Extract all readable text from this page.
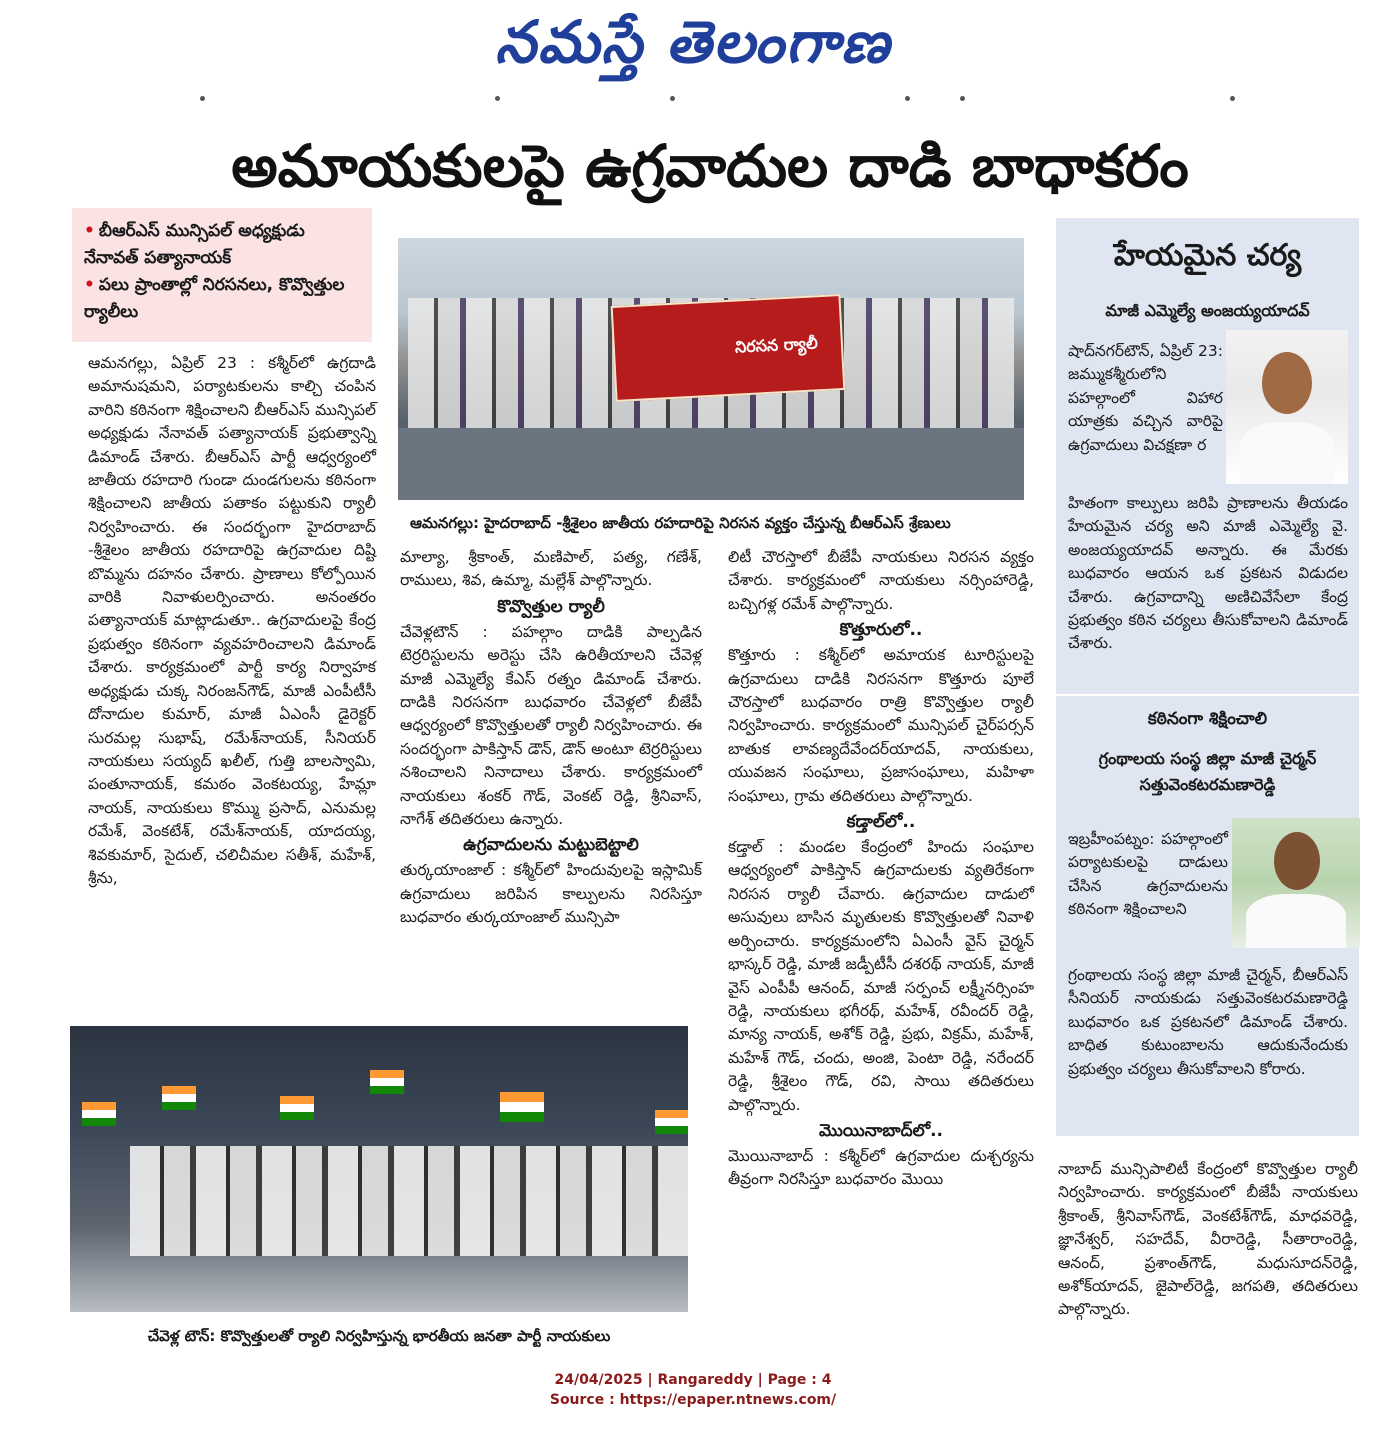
నమస్తే తెలంగాణ
అమాయకులపై ఉగ్రవాదుల దాడి బాధాకరం
• బీఆర్ఎస్ మున్సిపల్ అధ్యక్షుడు నేనావత్ పత్యానాయక్
• పలు ప్రాంతాల్లో నిరసనలు, కొవ్వొత్తుల ర్యాలీలు
నిరసన ర్యాలీ
ఆమనగల్లు: హైదరాబాద్ -శ్రీశైలం జాతీయ రహదారిపై నిరసన వ్యక్తం చేస్తున్న బీఆర్ఎస్ శ్రేణులు
ఆమనగల్లు, ఏప్రిల్ 23 : కశ్మీర్‌లో ఉగ్రదాడి అమానుషమని, పర్యాటకులను కాల్చి చంపిన వారిని కఠినంగా శిక్షించాలని బీఆర్ఎస్ మున్సిపల్ అధ్యక్షుడు నేనావత్ పత్యానాయక్ ప్రభుత్వాన్ని డిమాండ్ చేశారు. బీఆర్ఎస్ పార్టీ ఆధ్వర్యంలో జాతీయ రహదారి గుండా దుండగులను కఠినంగా శిక్షించాలని జాతీయ పతాకం పట్టుకుని ర్యాలీ నిర్వహించారు. ఈ సందర్భంగా హైదరాబాద్ -శ్రీశైలం జాతీయ రహదారిపై ఉగ్రవాదుల దిష్టి బొమ్మను దహనం చేశారు. ప్రాణాలు కోల్పోయిన వారికి నివాళులర్పించారు. అనంతరం పత్యానాయక్ మాట్లాడుతూ.. ఉగ్రవాదులపై కేంద్ర ప్రభుత్వం కఠినంగా వ్యవహరించాలని డిమాండ్ చేశారు. కార్యక్రమంలో పార్టీ కార్య నిర్వాహక అధ్యక్షుడు చుక్క నిరంజన్‌గౌడ్, మాజీ ఎంపీటీసీ దోనాదుల కుమార్, మాజీ ఏఎంసీ డైరెక్టర్ సురమల్ల సుభాష్, రమేశ్‌నాయక్, సీనియర్ నాయకులు సయ్యద్ ఖలీల్, గుత్తి బాలస్వామి, పంతూనాయక్, కమఠం వెంకటయ్య, హేమ్లా నాయక్, నాయకులు కొమ్ము ప్రసాద్, ఎనుమల్ల రమేశ్, వెంకటేశ్, రమేశ్‌నాయక్, యాదయ్య, శివకుమార్, సైదుల్, చలిచీమల సతీశ్, మహేశ్, శ్రీను,
మాల్యా, శ్రీకాంత్, మణిపాల్, పత్య, గణేశ్, రాములు, శివ, ఉమ్మా, మల్లేశ్ పాల్గొన్నారు.
కొవ్వొత్తుల ర్యాలీ
చేవెళ్లటౌన్ : పహల్గాం దాడికి పాల్పడిన టెర్రరిస్టులను అరెస్టు చేసి ఉరితీయాలని చేవెళ్ల మాజీ ఎమ్మెల్యే కేఎస్ రత్నం డిమాండ్ చేశారు. దాడికి నిరసనగా బుధవారం చేవెళ్లలో బీజేపీ ఆధ్వర్యంలో కొవ్వొత్తులతో ర్యాలీ నిర్వహించారు. ఈ సందర్భంగా పాకిస్తాన్ డౌన్, డౌన్ అంటూ టెర్రరిస్టులు నశించాలని నినాదాలు చేశారు. కార్యక్రమంలో నాయకులు శంకర్ గౌడ్, వెంకట్ రెడ్డి, శ్రీనివాస్, నాగేశ్ తదితరులు ఉన్నారు.
ఉగ్రవాదులను మట్టుబెట్టాలి
తుర్కయాంజాల్ : కశ్మీర్‌లో హిందువులపై ఇస్లామిక్ ఉగ్రవాదులు జరిపిన కాల్పులను నిరసిస్తూ బుధవారం తుర్కయాంజాల్ మున్సిపా
లిటీ చౌరస్తాలో బీజేపీ నాయకులు నిరసన వ్యక్తం చేశారు. కార్యక్రమంలో నాయకులు నర్సింహారెడ్డి, బచ్చిగళ్ల రమేశ్ పాల్గొన్నారు.
కొత్తూరులో..
కొత్తూరు : కశ్మీర్‌లో అమాయక టూరిస్టులపై ఉగ్రవాదులు దాడికి నిరసనగా కొత్తూరు పూలే చౌరస్తాలో బుధవారం రాత్రి కొవ్వొత్తుల ర్యాలీ నిర్వహించారు. కార్యక్రమంలో మున్సిపల్ చైర్‌పర్సన్ బాతుక లావణ్యదేవేందర్‌యాదవ్, నాయకులు, యువజన సంఘాలు, ప్రజాసంఘాలు, మహిళా సంఘాలు, గ్రామ తదితరులు పాల్గొన్నారు.
కడ్తాల్‌లో..
కడ్తాల్ : మండల కేంద్రంలో హిందు సంఘాల ఆధ్వర్యంలో పాకిస్తాన్ ఉగ్రవాదులకు వ్యతిరేకంగా నిరసన ర్యాలీ చేవారు. ఉగ్రవాదుల దాడులో అసువులు బాసిన మృతులకు కొవ్వొత్తులతో నివాళి అర్పించారు. కార్యక్రమంలోని ఏఎంసీ వైస్ చైర్మన్ భాస్కర్ రెడ్డి, మాజీ జడ్పీటీసీ దశరథ్ నాయక్, మాజీ వైస్ ఎంపీపీ ఆనంద్, మాజీ సర్పంచ్ లక్ష్మీనర్సింహ రెడ్డి, నాయకులు భగీరథ్, మహేశ్, రవీందర్ రెడ్డి, మాన్య నాయక్, అశోక్ రెడ్డి, ప్రభు, విక్రమ్, మహేశ్, మహేశ్ గౌడ్, చందు, అంజి, పెంటా రెడ్డి, నరేందర్ రెడ్డి, శ్రీశైలం గౌడ్, రవి, సాయి తదితరులు పాల్గొన్నారు.
మొయినాబాద్‌లో..
మొయినాబాద్ : కశ్మీర్‌లో ఉగ్రవాదుల దుశ్చర్యను తీవ్రంగా నిరసిస్తూ బుధవారం మొయి
హేయమైన చర్య
మాజీ ఎమ్మెల్యే అంజయ్యయాదవ్
షాద్‌నగర్‌టౌన్, ఏప్రిల్ 23: జమ్ముకశ్మీరులోని పహల్గాంలో విహార యాత్రకు వచ్చిన వారిపై ఉగ్రవాదులు విచక్షణా ర
హితంగా కాల్పులు జరిపి ప్రాణాలను తీయడం హేయమైన చర్య అని మాజీ ఎమ్మెల్యే వై. అంజయ్యయాదవ్ అన్నారు. ఈ మేరకు బుధవారం ఆయన ఒక ప్రకటన విడుదల చేశారు. ఉగ్రవాదాన్ని అణిచివేసేలా కేంద్ర ప్రభుత్వం కఠిన చర్యలు తీసుకోవాలని డిమాండ్ చేశారు.
కఠినంగా శిక్షించాలి
గ్రంథాలయ సంస్థ జిల్లా మాజీ చైర్మన్ సత్తువెంకటరమణారెడ్డి
ఇబ్రహీంపట్నం: పహల్గాంలో పర్యాటకులపై దాడులు చేసిన ఉగ్రవాదులను కఠినంగా శిక్షించాలని
గ్రంథాలయ సంస్థ జిల్లా మాజీ చైర్మన్, బీఆర్ఎస్ సీనియర్ నాయకుడు సత్తువెంకటరమణారెడ్డి బుధవారం ఒక ప్రకటనలో డిమాండ్ చేశారు. బాధిత కుటుంబాలను ఆదుకునేందుకు ప్రభుత్వం చర్యలు తీసుకోవాలని కోరారు.
నాబాద్ మున్సిపాలిటీ కేంద్రంలో కొవ్వొత్తుల ర్యాలీ నిర్వహించారు. కార్యక్రమంలో బీజేపీ నాయకులు శ్రీకాంత్, శ్రీనివాస్‌గౌడ్, వెంకటేశ్‌గౌడ్, మాధవరెడ్డి, జ్ఞానేశ్వర్, సహదేవ్, వీరారెడ్డి, సీతారాంరెడ్డి, ఆనంద్, ప్రశాంత్‌గౌడ్, మధుసూదన్‌రెడ్డి, అశోక్‌యాదవ్, జైపాల్‌రెడ్డి, జగపతి, తదితరులు పాల్గొన్నారు.
చేవెళ్ల టౌన్: కొవ్వొత్తులతో ర్యాలి నిర్వహిస్తున్న భారతీయ జనతా పార్టీ నాయకులు
24/04/2025 | Rangareddy | Page : 4
Source : https://epaper.ntnews.com/
